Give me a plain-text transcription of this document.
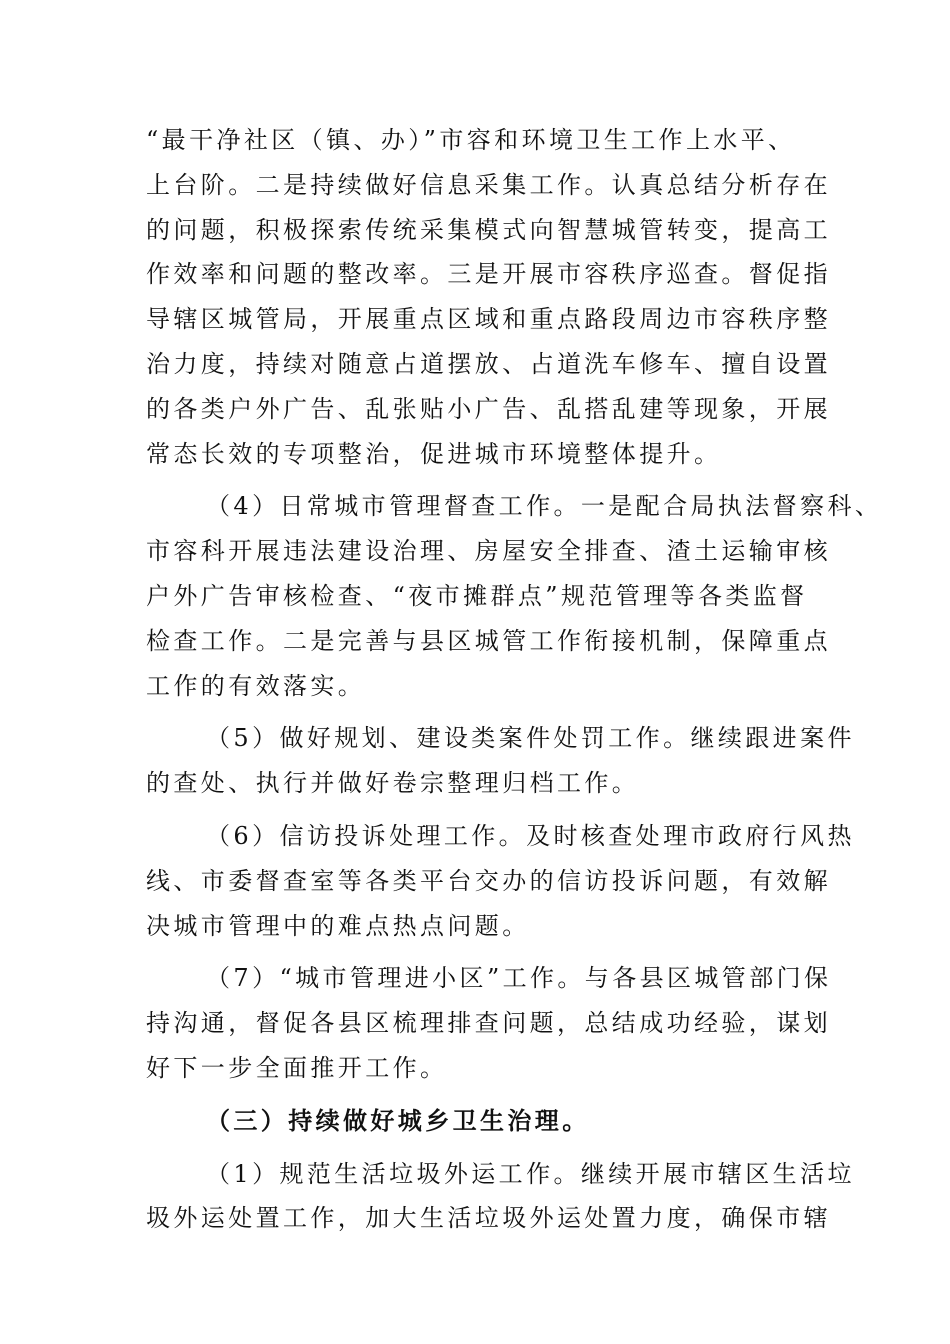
“最干净社区（镇、办）”市容和环境卫生工作上水平、
上台阶。二是持续做好信息采集工作。认真总结分析存在
的问题，积极探索传统采集模式向智慧城管转变，提高工
作效率和问题的整改率。三是开展市容秩序巡查。督促指
导辖区城管局，开展重点区域和重点路段周边市容秩序整
治力度，持续对随意占道摆放、占道洗车修车、擅自设置
的各类户外广告、乱张贴小广告、乱搭乱建等现象，开展
常态长效的专项整治，促进城市环境整体提升。
（4）日常城市管理督查工作。一是配合局执法督察科、
市容科开展违法建设治理、房屋安全排查、渣土运输审核
户外广告审核检查、“夜市摊群点”规范管理等各类监督
检查工作。二是完善与县区城管工作衔接机制，保障重点
工作的有效落实。
（5）做好规划、建设类案件处罚工作。继续跟进案件
的查处、执行并做好卷宗整理归档工作。
（6）信访投诉处理工作。及时核查处理市政府行风热
线、市委督查室等各类平台交办的信访投诉问题，有效解
决城市管理中的难点热点问题。
（7）“城市管理进小区”工作。与各县区城管部门保
持沟通，督促各县区梳理排查问题，总结成功经验，谋划
好下一步全面推开工作。
（三）持续做好城乡卫生治理。
（1）规范生活垃圾外运工作。继续开展市辖区生活垃
圾外运处置工作，加大生活垃圾外运处置力度，确保市辖
